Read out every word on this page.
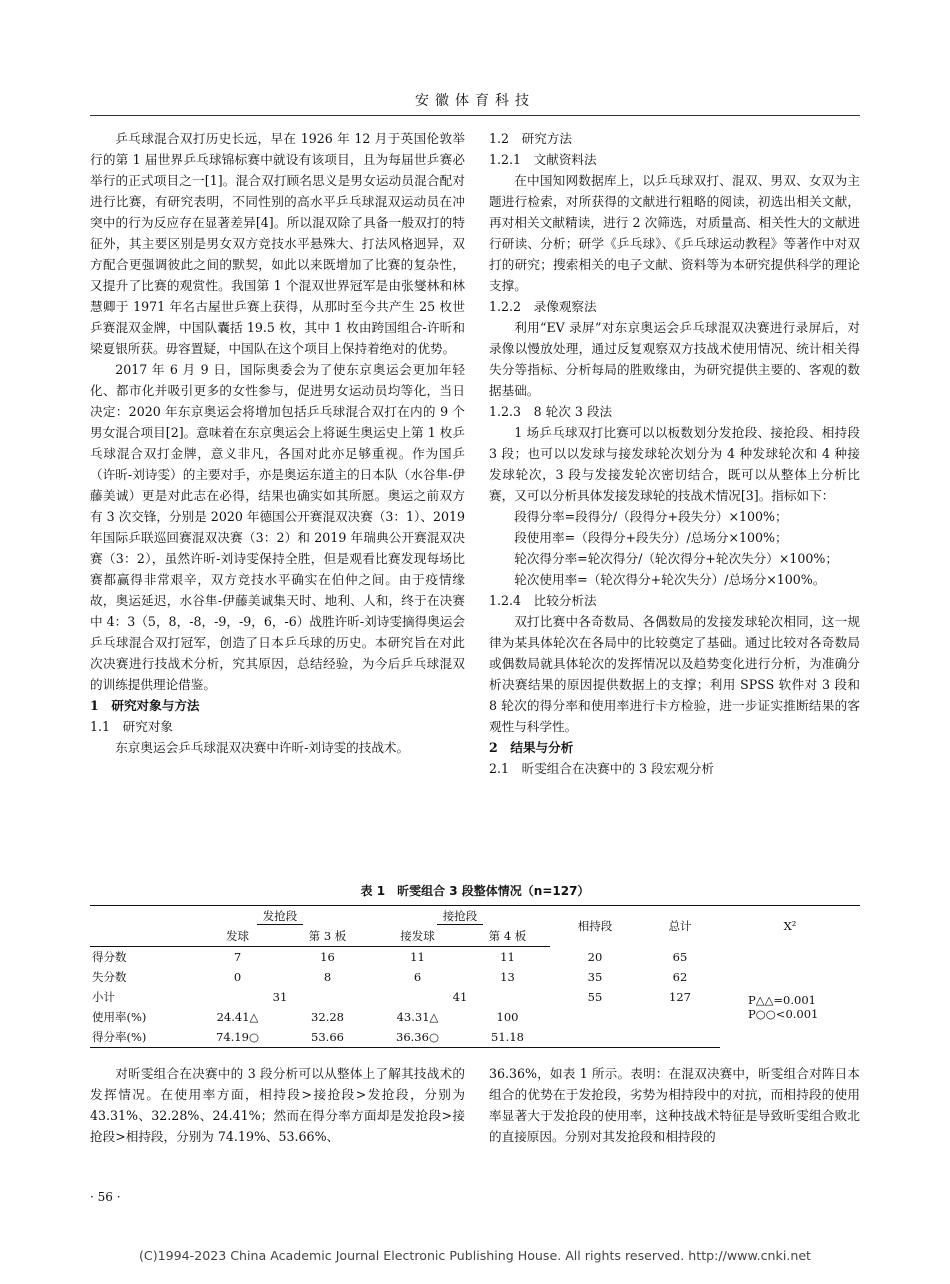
安徽体育科技

乒乓球混合双打历史长远，早在 1926 年 12 月于英国伦敦举行的第 1 届世界乒乓球锦标赛中就设有该项目，且为每届世乒赛必举行的正式项目之一[1]。混合双打顾名思义是男女运动员混合配对进行比赛，有研究表明，不同性别的高水平乒乓球混双运动员在冲突中的行为反应存在显著差异[4]。所以混双除了具备一般双打的特征外，其主要区别是男女双方竞技水平悬殊大、打法风格迥异，双方配合更强调彼此之间的默契，如此以来既增加了比赛的复杂性，又提升了比赛的观赏性。我国第 1 个混双世界冠军是由张燮林和林慧卿于 1971 年名古屋世乒赛上获得，从那时至今共产生 25 枚世乒赛混双金牌，中国队囊括 19.5 枚，其中 1 枚由跨国组合-许昕和梁夏银所获。毋容置疑，中国队在这个项目上保持着绝对的优势。

2017 年 6 月 9 日，国际奥委会为了使东京奥运会更加年轻化、都市化并吸引更多的女性参与，促进男女运动员均等化，当日决定：2020 年东京奥运会将增加包括乒乓球混合双打在内的 9 个男女混合项目[2]。意味着在东京奥运会上将诞生奥运史上第 1 枚乒乓球混合双打金牌，意义非凡，各国对此亦足够重视。作为国乒（许昕-刘诗雯）的主要对手，亦是奥运东道主的日本队（水谷隼-伊藤美诚）更是对此志在必得，结果也确实如其所愿。奥运之前双方有 3 次交锋，分别是 2020 年德国公开赛混双决赛（3：1）、2019 年国际乒联巡回赛混双决赛（3：2）和 2019 年瑞典公开赛混双决赛（3：2），虽然许昕-刘诗雯保持全胜，但是观看比赛发现每场比赛都赢得非常艰辛，双方竞技水平确实在伯仲之间。由于疫情缘故，奥运延迟，水谷隼-伊藤美诚集天时、地利、人和，终于在决赛中 4：3（5，8，-8，-9，-9，6，-6）战胜许昕-刘诗雯摘得奥运会乒乓球混合双打冠军，创造了日本乒乓球的历史。本研究旨在对此次决赛进行技战术分析，究其原因，总结经验，为今后乒乓球混双的训练提供理论借鉴。

1　研究对象与方法
1.1　研究对象

东京奥运会乒乓球混双决赛中许昕-刘诗雯的技战术。

1.2　研究方法
1.2.1　文献资料法

在中国知网数据库上，以乒乓球双打、混双、男双、女双为主题进行检索，对所获得的文献进行粗略的阅读，初选出相关文献，再对相关文献精读，进行 2 次筛选，对质量高、相关性大的文献进行研读、分析；研学《乒乓球》、《乒乓球运动教程》等著作中对双打的研究；搜索相关的电子文献、资料等为本研究提供科学的理论支撑。

1.2.2　录像观察法

利用“EV 录屏”对东京奥运会乒乓球混双决赛进行录屏后，对录像以慢放处理，通过反复观察双方技战术使用情况、统计相关得失分等指标、分析每局的胜败缘由，为研究提供主要的、客观的数据基础。

1.2.3　8 轮次 3 段法

1 场乒乓球双打比赛可以以板数划分发抢段、接抢段、相持段 3 段；也可以以发球与接发球轮次划分为 4 种发球轮次和 4 种接发球轮次，3 段与发接发轮次密切结合，既可以从整体上分析比赛，又可以分析具体发接发球轮的技战术情况[3]。指标如下：

段得分率=段得分/（段得分+段失分）×100%；

段使用率=（段得分+段失分）/总场分×100%；

轮次得分率=轮次得分/（轮次得分+轮次失分）×100%；

轮次使用率=（轮次得分+轮次失分）/总场分×100%。

1.2.4　比较分析法

双打比赛中各奇数局、各偶数局的发接发球轮次相同，这一规律为某具体轮次在各局中的比较奠定了基础。通过比较对各奇数局或偶数局就具体轮次的发挥情况以及趋势变化进行分析，为准确分析决赛结果的原因提供数据上的支撑；利用 SPSS 软件对 3 段和 8 轮次的得分率和使用率进行卡方检验，进一步证实推断结果的客观性与科学性。

2　结果与分析
2.1　昕雯组合在决赛中的 3 段宏观分析
表 1　昕雯组合 3 段整体情况（n=127）
	发抢段		接抢段		相持段	总计	X²
	发球	第 3 板	接发球	第 4 板			
得分数	7	16	11	11	20	65	
失分数	0	8	6	13	35	62	P△△=0.001
P○○<0.001

小计	31		41		55	127	
使用率(%)	24.41△	32.28	43.31△	100			
得分率(%)	74.19○	53.66	36.36○	51.18			

对昕雯组合在决赛中的 3 段分析可以从整体上了解其技战术的发挥情况。在使用率方面，相持段>接抢段>发抢段，分别为 43.31%、32.28%、24.41%；然而在得分率方面却是发抢段>接抢段>相持段，分别为 74.19%、53.66%、

36.36%，如表 1 所示。表明：在混双决赛中，昕雯组合对阵日本组合的优势在于发抢段，劣势为相持段中的对抗，而相持段的使用率显著大于发抢段的使用率，这种技战术特征是导致昕雯组合败北的直接原因。分别对其发抢段和相持段的

· 56 ·
(C)1994-2023 China Academic Journal Electronic Publishing House. All rights reserved. http://www.cnki.net
